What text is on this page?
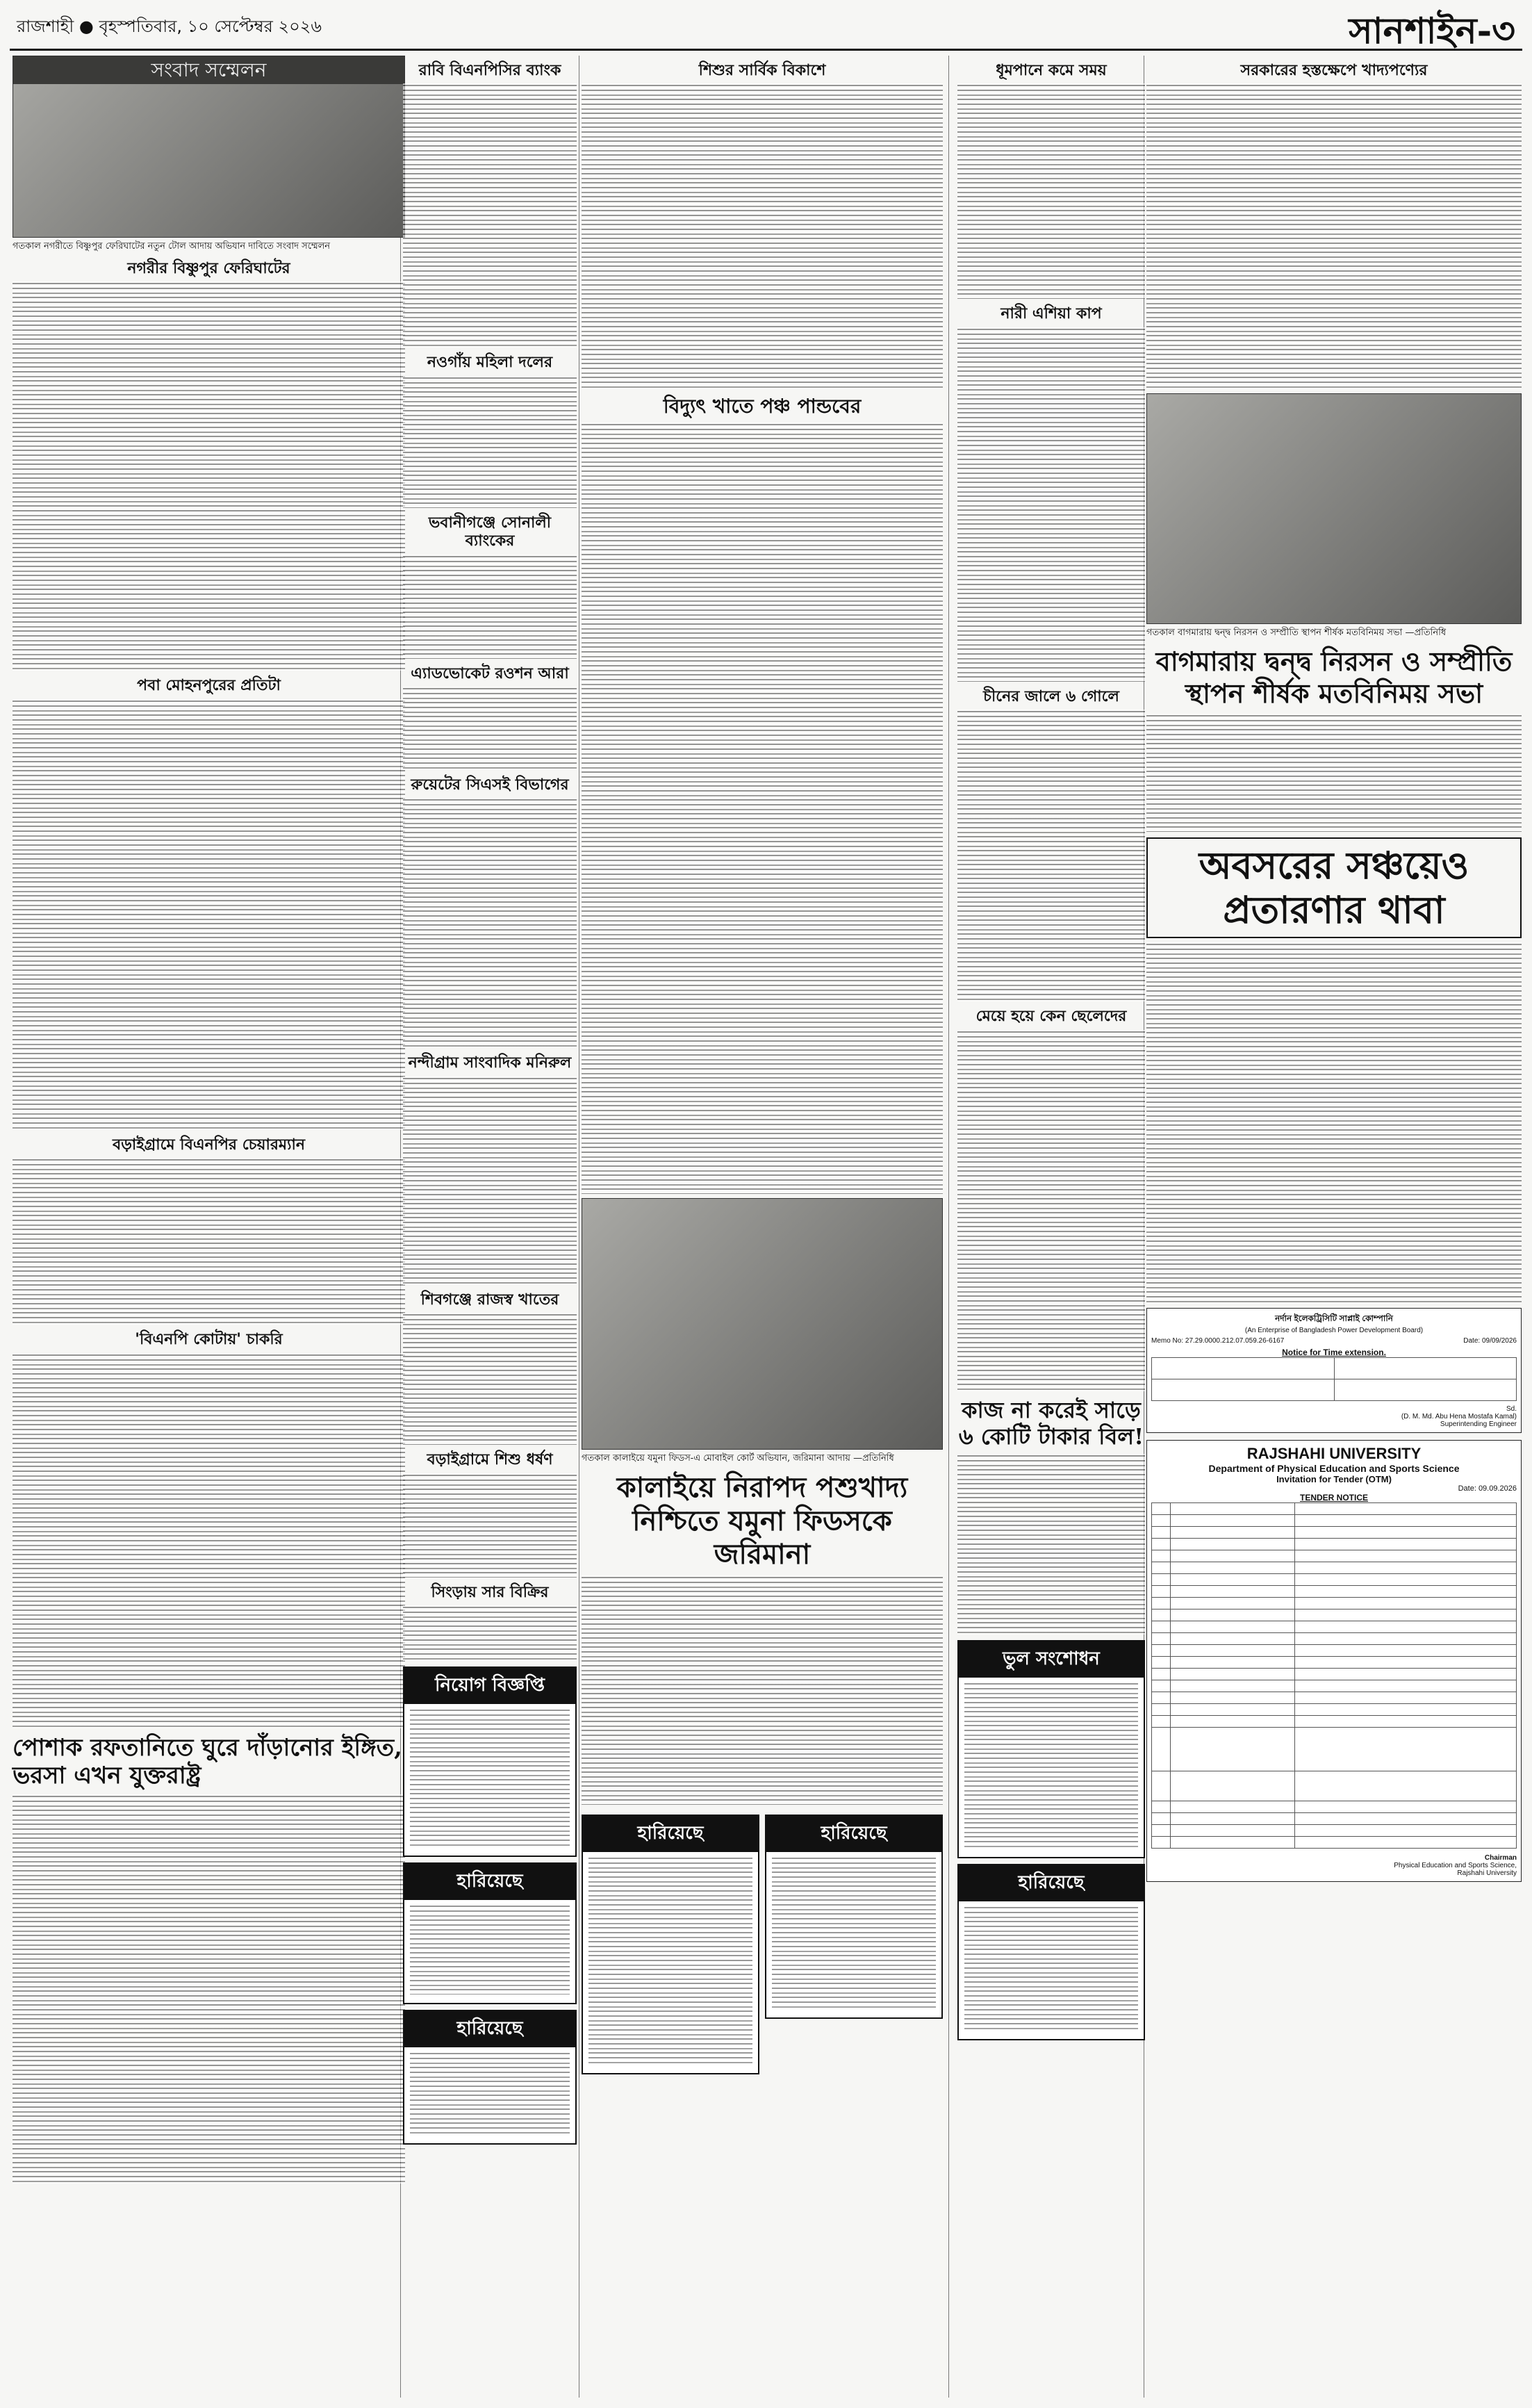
রাজশাহী ● বৃহস্পতিবার, ১০ সেপ্টেম্বর ২০২৬	সানশাইন-৩
সংবাদ সম্মেলন
গতকাল নগরীতে বিষ্ণুপুর ফেরিঘাটের নতুন টোল আদায় অভিযান দাবিতে সংবাদ সম্মেলন
নগরীর বিষ্ণুপুর ফেরিঘাটের
পবা মোহনপুরের প্রতিটা
বড়াইগ্রামে বিএনপির চেয়ারম্যান
'বিএনপি কোটায়' চাকরি
পোশাক রফতানিতে ঘুরে দাঁড়ানোর ইঙ্গিত, ভরসা এখন যুক্তরাষ্ট্র
রাবি বিএনপিসির ব্যাংক
নওগাঁয় মহিলা দলের
ভবানীগঞ্জে সোনালী ব্যাংকের
এ্যাডভোকেট রওশন আরা
রুয়েটের সিএসই বিভাগের
নন্দীগ্রাম সাংবাদিক মনিরুল
শিবগঞ্জে রাজস্ব খাতের
বড়াইগ্রামে শিশু ধর্ষণ
সিংড়ায় সার বিক্রির
নিয়োগ বিজ্ঞপ্তি
হারিয়েছে
হারিয়েছে
শিশুর সার্বিক বিকাশে
বিদ্যুৎ খাতে পঞ্চ পান্ডবের
গতকাল কালাইয়ে যমুনা ফিডস-এ মোবাইল কোর্ট অভিযান, জরিমানা আদায় —প্রতিনিধি
কালাইয়ে নিরাপদ পশুখাদ্য নিশ্চিতে যমুনা ফিডসকে জরিমানা
হারিয়েছে	হারিয়েছে
ধূমপানে কমে সময়
নারী এশিয়া কাপ
চীনের জালে ৬ গোলে
মেয়ে হয়ে কেন ছেলেদের
কাজ না করেই সাড়ে ৬ কোটি টাকার বিল!
ভুল সংশোধন
হারিয়েছে
সরকারের হস্তক্ষেপে খাদ্যপণ্যের
গতকাল বাগমারায় দ্বন্দ্ব নিরসন ও সম্প্রীতি স্থাপন শীর্ষক মতবিনিময় সভা —প্রতিনিধি
বাগমারায় দ্বন্দ্ব নিরসন ও সম্প্রীতি স্থাপন শীর্ষক মতবিনিময় সভা
অবসরের সঞ্চয়েও প্রতারণার থাবা
নর্দান ইলেকট্রিসিটি সাপ্লাই কোম্পানি
(An Enterprise of Bangladesh Power Development Board)
Memo No: 27.29.0000.212.07.059.26-6167	Date: 09/09/2026
Notice for Time extension.

Sd.
(D. M. Md. Abu Hena Mostafa Kamal)
Superintending Engineer
RAJSHAHI UNIVERSITY
Department of Physical Education and Sports Science
Invitation for Tender (OTM)
Date: 09.09.2026
TENDER NOTICE

Chairman
Physical Education and Sports Science,
Rajshahi University
